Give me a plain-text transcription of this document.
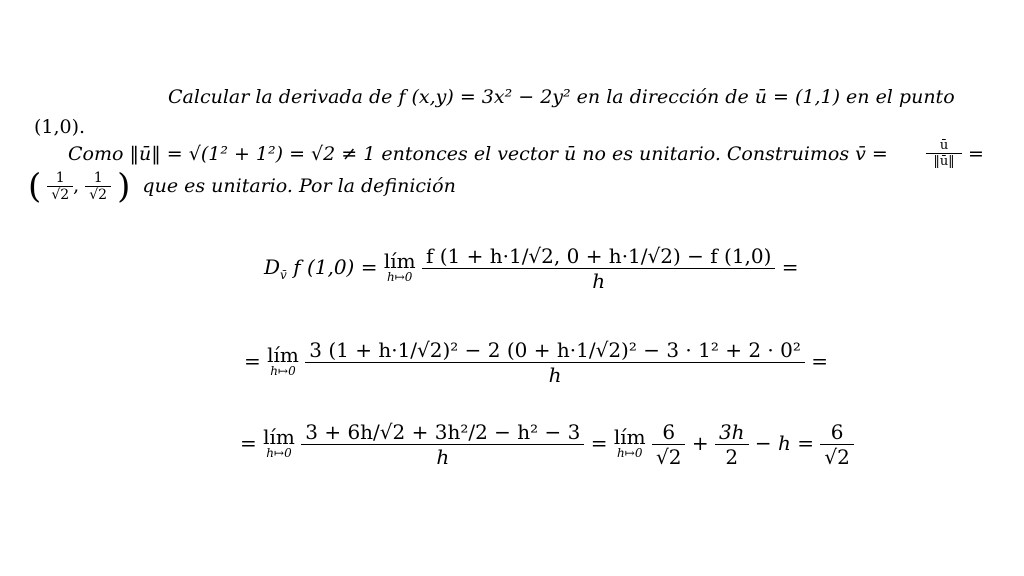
Calcular la derivada de f (x,y) = 3x² − 2y² en la dirección de ū = (1,1) en el punto
(1,0).
Como ‖ū‖ = √(1² + 1²) = √2 ≠ 1 entonces el vector ū no es unitario. Construimos v̄ =	$\frac{ū}{‖ū‖}$ =
( $\frac{1}{√2}$ , $\frac{1}{√2}$ ) que es unitario. Por la definición
$D_{v̄}$ f (1,0) = lím
h↦0
$\frac{f (1 + h\cdot 1/√2, 0 + h\cdot 1/√2) - f (1,0)}{h}$ =
= lím
h↦0
$\frac{\text{3 (1 + h·1/√2)² − 2 (0 + h·1/√2)² − 3 · 1² + 2 · 0²}}{h}$ =
= lím
h↦0
$\frac{\text{3 + 6h/√2 + 3h²/2 − h² − 3}}{h}$ = lím
h↦0
$\frac{6}{√2} + \frac{3h}{2} - h = \frac{6}{√2}$
